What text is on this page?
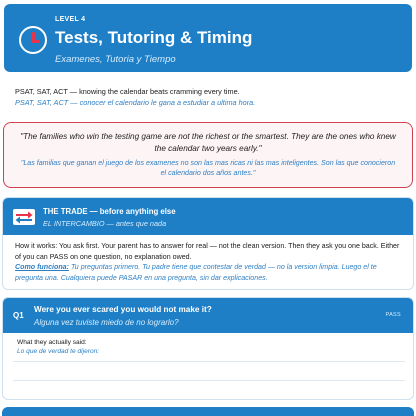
LEVEL 4
Tests, Tutoring & Timing
Examenes, Tutoria y Tiempo
PSAT, SAT, ACT — knowing the calendar beats cramming every time.
PSAT, SAT, ACT — conocer el calendario le gana a estudiar a ultima hora.

"The families who win the testing game are not the richest or the smartest. They are the ones who knew the calendar two years early."

"Las familias que ganan el juego de los examenes no son las mas ricas ni las mas inteligentes. Son las que conocieron el calendario dos años antes."

THE TRADE — before anything else
EL INTERCAMBIO — antes que nada

How it works: You ask first. Your parent has to answer for real — not the clean version. Then they ask you one back. Either of you can PASS on one question, no explanation owed.

Como funciona: Tu preguntas primero. Tu padre tiene que contestar de verdad — no la version limpia. Luego el te pregunta una. Cualquiera puede PASAR en una pregunta, sin dar explicaciones.

Q1
Were you ever scared you would not make it?
Alguna vez tuviste miedo de no lograrlo?
PASS
What they actually said:
Lo que de verdad te dijeron:
